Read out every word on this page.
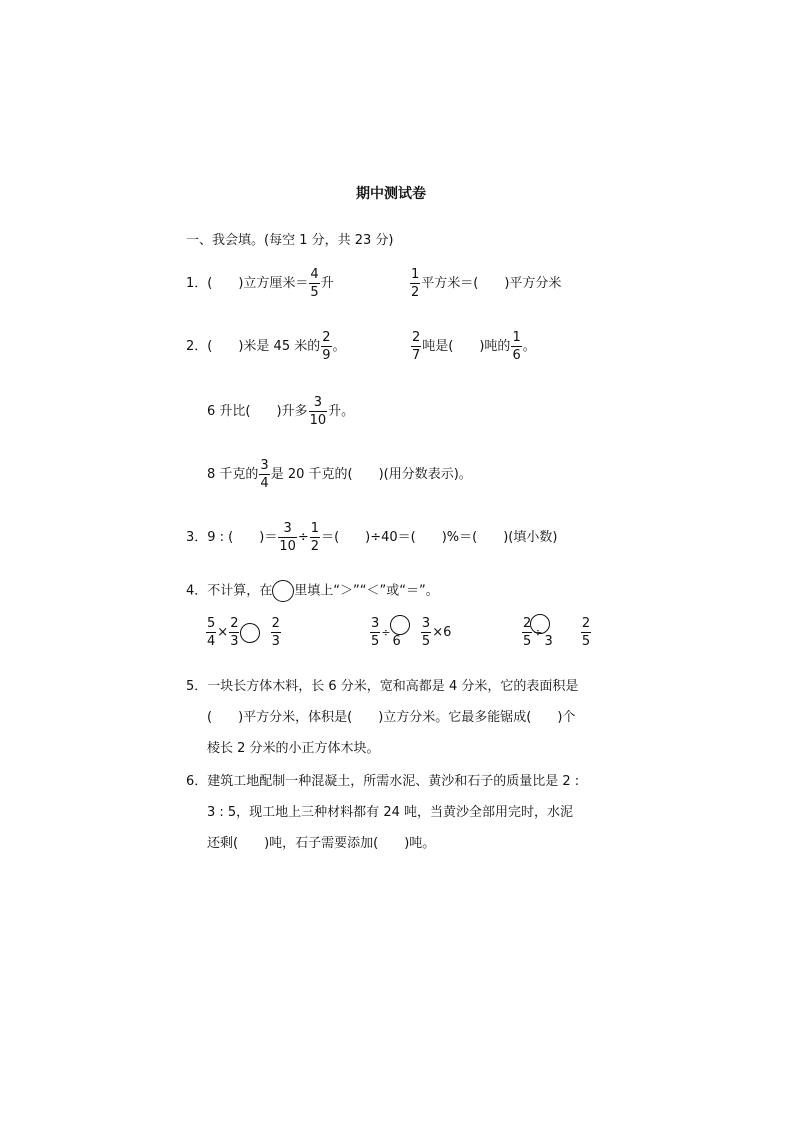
期中测试卷
一、我会填。(每空 1 分，共 23 分)
1．(　　)立方厘米＝ $\frac{4}{5}$ 升	$\frac{1}{2}$ 平方米＝(　　)平方分米
2．(　　)米是 45 米的 $\frac{2}{9}$ 。	$\frac{2}{7}$ 吨是(　　)吨的 $\frac{1}{6}$ 。
6 升比(　　)升多 $\frac{3}{10}$ 升。
8 千克的 $\frac{3}{4}$ 是 20 千克的(　　)(用分数表示)。
3．9 : (　　)＝ $\frac{3}{10} \div \frac{1}{2}$ ＝(　　)÷40＝(　　)%＝(　　)(填小数)
4．不计算，在 里填上“＞”“＜”或“＝”。
$\frac{5}{4} \times \frac{2}{3}$
$\frac{2}{3}$	$\frac{3}{5}$ ÷
6
$\frac{3}{5} \times 6$	$\frac{2}{5}$ ÷
3
$\frac{2}{5}$
5．一块长方体木料，长 6 分米，宽和高都是 4 分米，它的表面积是
(　　)平方分米，体积是(　　)立方分米。它最多能锯成(　　)个
棱长 2 分米的小正方体木块。
6．建筑工地配制一种混凝土，所需水泥、黄沙和石子的质量比是 2 :
3 : 5，现工地上三种材料都有 24 吨，当黄沙全部用完时，水泥
还剩(　　)吨，石子需要添加(　　)吨。
